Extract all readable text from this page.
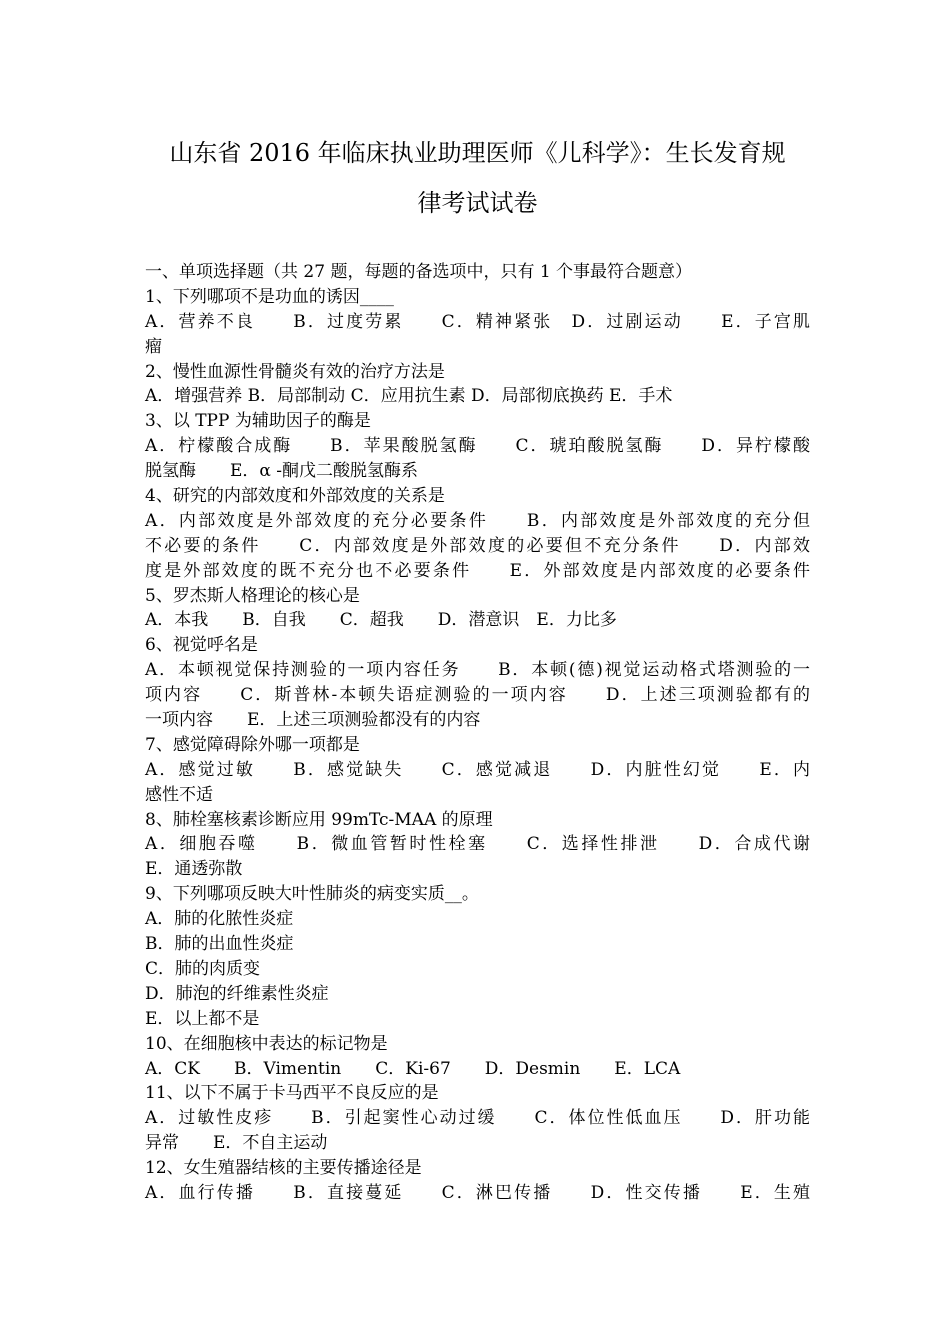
山东省 2016 年临床执业助理医师《儿科学》：生长发育规
律考试试卷
一、单项选择题（共 27 题，每题的备选项中，只有 1 个事最符合题意）
1、下列哪项不是功血的诱因____
A．营养不良　　B．过度劳累　　C．精神紧张　D．过剧运动　　E．子宫肌
瘤
2、慢性血源性骨髓炎有效的治疗方法是
A．增强营养 B．局部制动 C．应用抗生素 D．局部彻底换药 E．手术
3、以 TPP 为辅助因子的酶是
A．柠檬酸合成酶　　B．苹果酸脱氢酶　　C．琥珀酸脱氢酶　　D．异柠檬酸
脱氢酶　　E．α -酮戊二酸脱氢酶系
4、研究的内部效度和外部效度的关系是
A．内部效度是外部效度的充分必要条件　　B．内部效度是外部效度的充分但
不必要的条件　　C．内部效度是外部效度的必要但不充分条件　　D．内部效
度是外部效度的既不充分也不必要条件　　E．外部效度是内部效度的必要条件
5、罗杰斯人格理论的核心是
A．本我　　B．自我　　C．超我　　D．潜意识　E．力比多
6、视觉呼名是
A．本顿视觉保持测验的一项内容任务　　B．本顿(德)视觉运动格式塔测验的一
项内容　　C．斯普林-本顿失语症测验的一项内容　　D．上述三项测验都有的
一项内容　　E．上述三项测验都没有的内容
7、感觉障碍除外哪一项都是
A．感觉过敏　　B．感觉缺失　　C．感觉减退　　D．内脏性幻觉　　E．内
感性不适
8、肺栓塞核素诊断应用 99mTc-MAA 的原理
A．细胞吞噬　　B．微血管暂时性栓塞　　C．选择性排泄　　D．合成代谢
E．通透弥散
9、下列哪项反映大叶性肺炎的病变实质__。
A．肺的化脓性炎症
B．肺的出血性炎症
C．肺的肉质变
D．肺泡的纤维素性炎症
E．以上都不是
10、在细胞核中表达的标记物是
A．CK　　B．Vimentin　　C．Ki-67　　D．Desmin　　E．LCA
11、以下不属于卡马西平不良反应的是
A．过敏性皮疹　　B．引起窦性心动过缓　　C．体位性低血压　　D．肝功能
异常　　E．不自主运动
12、女生殖器结核的主要传播途径是
A．血行传播　　B．直接蔓延　　C．淋巴传播　　D．性交传播　　E．生殖
